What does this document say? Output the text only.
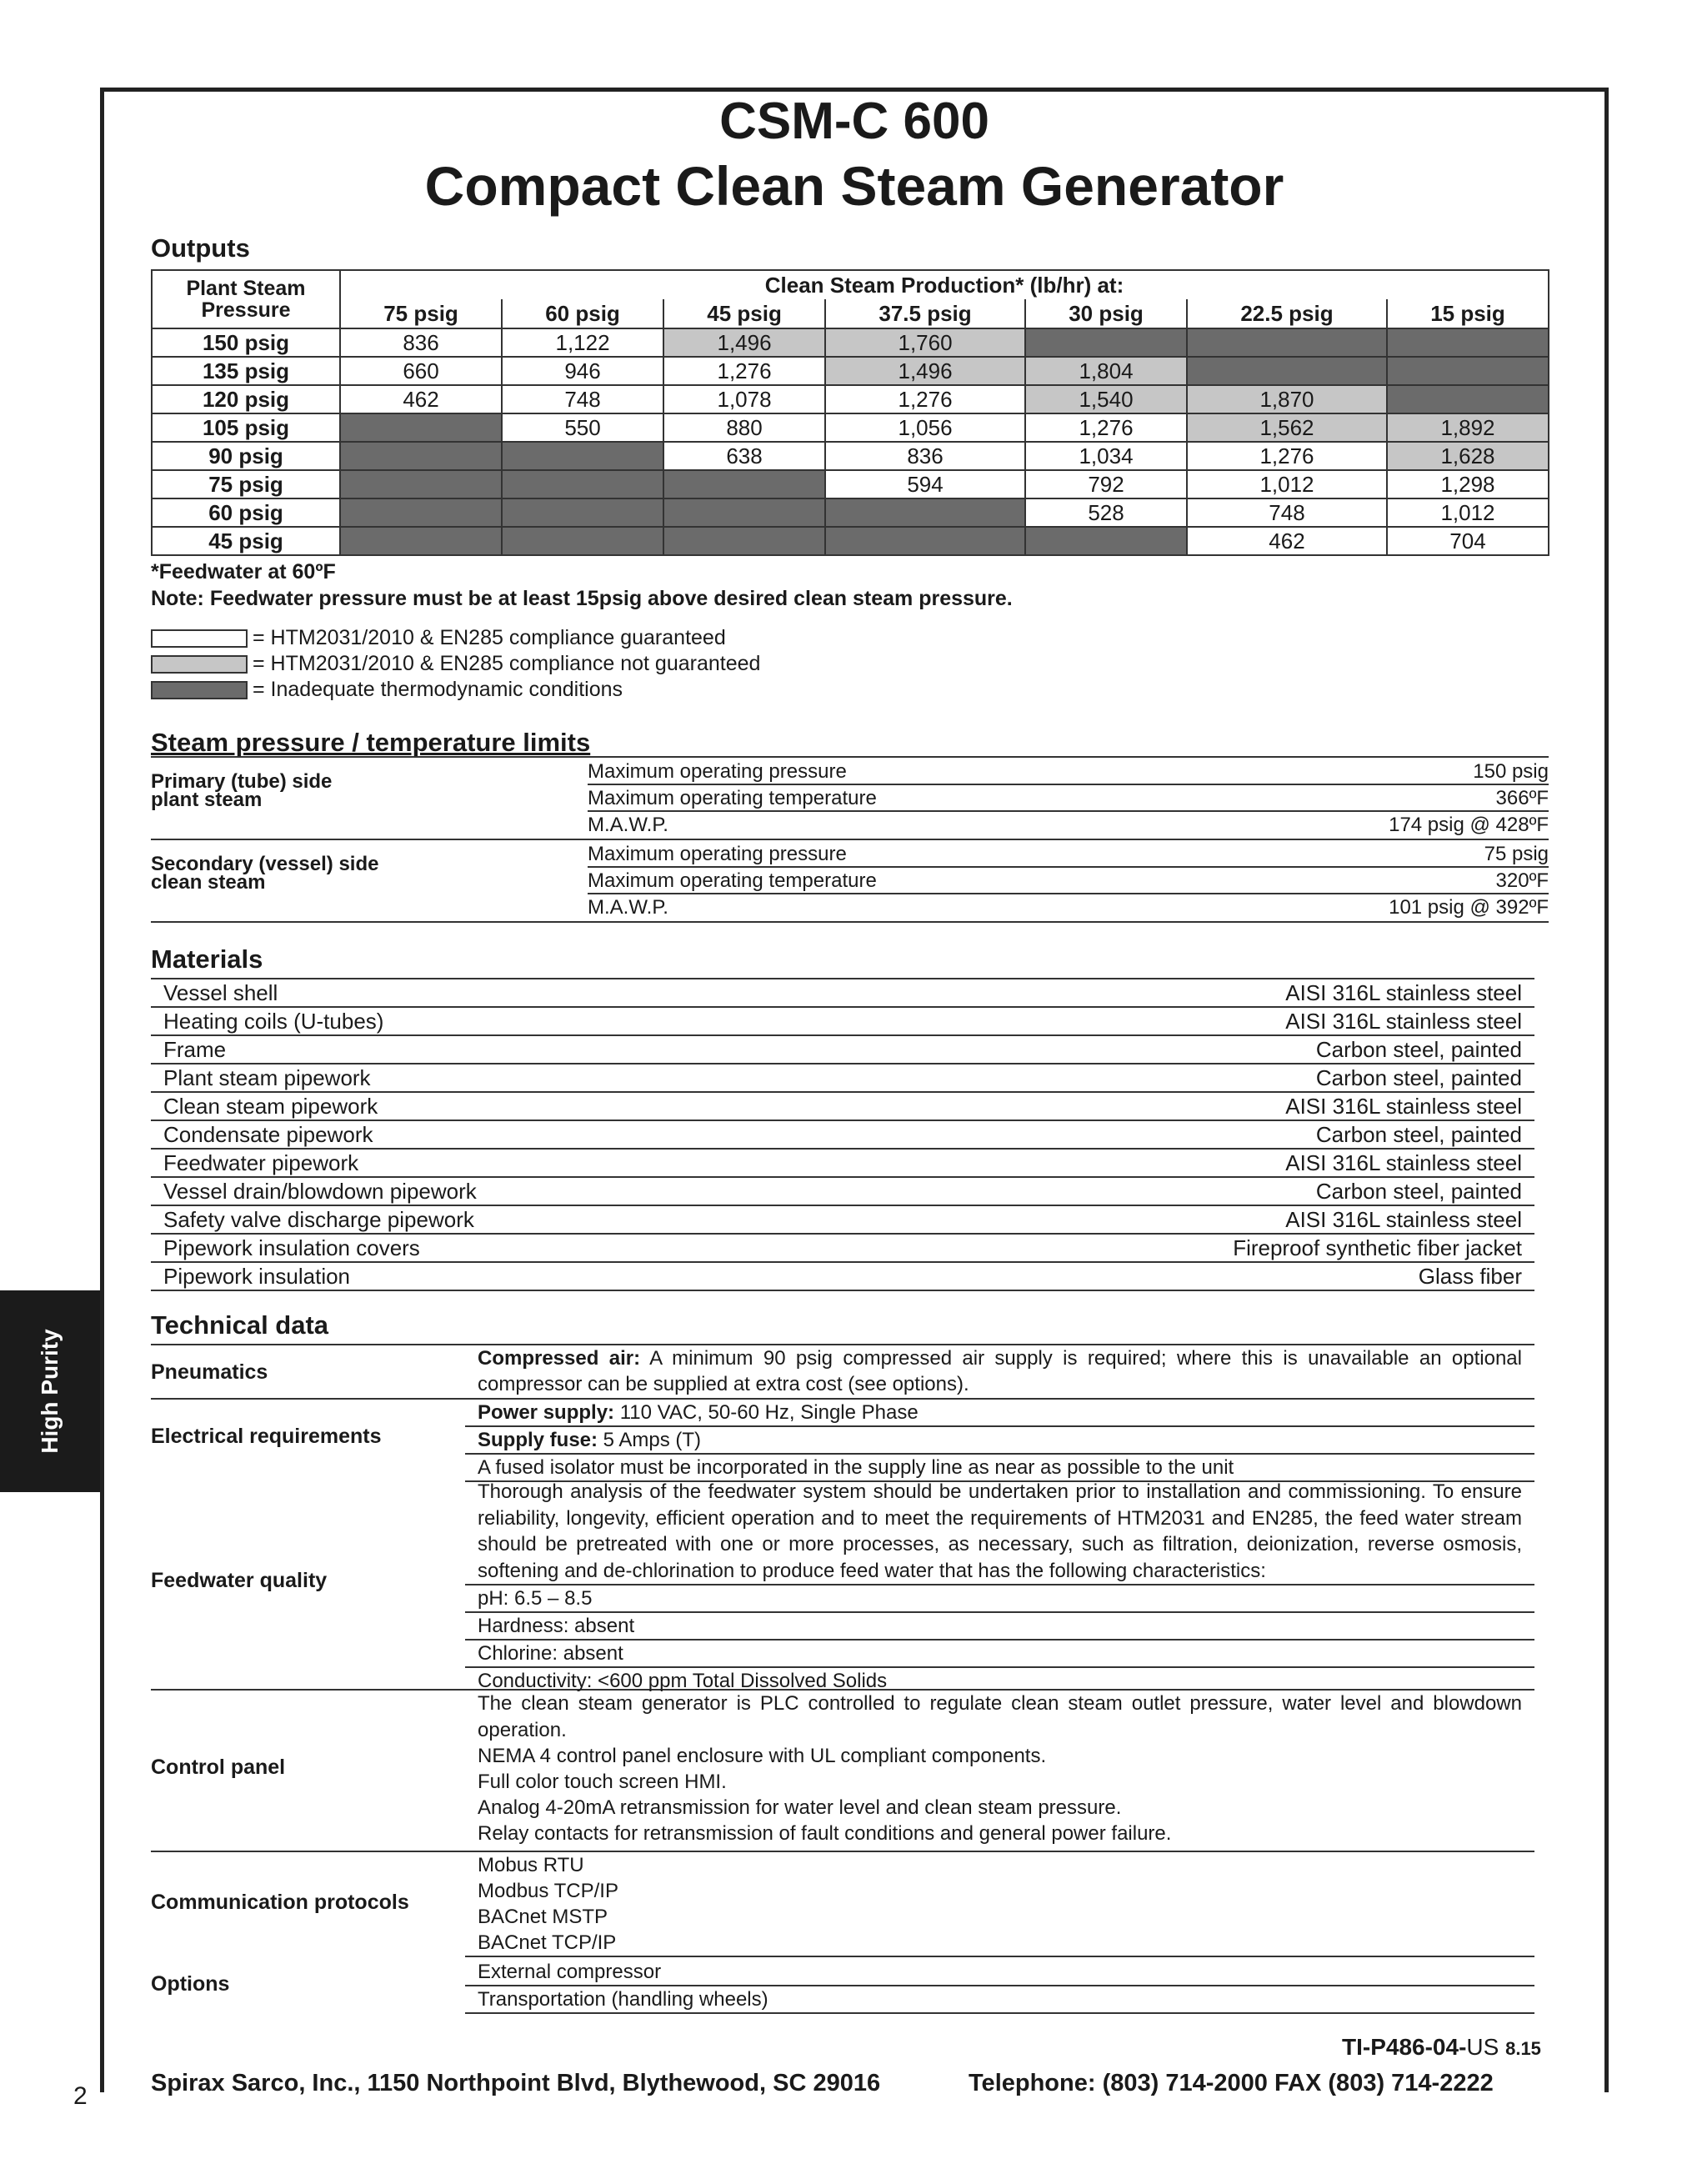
CSM-C 600
Compact Clean Steam Generator
Outputs
Plant Steam
Pressure	Clean Steam Production* (lb/hr) at:						
	75 psig	60 psig	45 psig	37.5 psig	30 psig	22.5 psig	15 psig
150 psig	836	1,122	1,496	1,760			
135 psig	660	946	1,276	1,496	1,804		
120 psig	462	748	1,078	1,276	1,540	1,870	
105 psig		550	880	1,056	1,276	1,562	1,892
90 psig			638	836	1,034	1,276	1,628
75 psig				594	792	1,012	1,298
60 psig					528	748	1,012
45 psig						462	704
*Feedwater at 60ºF
Note: Feedwater pressure must be at least 15psig above desired clean steam pressure.
= HTM2031/2010 & EN285 compliance guaranteed
= HTM2031/2010 & EN285 compliance not guaranteed
= Inadequate thermodynamic conditions
Steam pressure / temperature limits
Primary (tube) side
plant steam
Maximum operating pressure	150 psig
Maximum operating temperature	366ºF
M.A.W.P.	174 psig @ 428ºF
Secondary (vessel) side
clean steam
Maximum operating pressure	75 psig
Maximum operating temperature	320ºF
M.A.W.P.	101 psig @ 392ºF
Materials
Vessel shell	AISI 316L stainless steel
Heating coils (U-tubes)	AISI 316L stainless steel
Frame	Carbon steel, painted
Plant steam pipework	Carbon steel, painted
Clean steam pipework	AISI 316L stainless steel
Condensate pipework	Carbon steel, painted
Feedwater pipework	AISI 316L stainless steel
Vessel drain/blowdown pipework	Carbon steel, painted
Safety valve discharge pipework	AISI 316L stainless steel
Pipework insulation covers	Fireproof synthetic fiber jacket
Pipework insulation	Glass fiber
Technical data
Pneumatics
Compressed air: A minimum 90 psig compressed air supply is required; where this is unavailable an optional compressor can be supplied at extra cost (see options).
Electrical requirements
Power supply: 110 VAC, 50-60 Hz, Single Phase
Supply fuse: 5 Amps (T)
A fused isolator must be incorporated in the supply line as near as possible to the unit
Feedwater quality
Thorough analysis of the feedwater system should be undertaken prior to installation and commissioning. To ensure reliability, longevity, efficient operation and to meet the requirements of HTM2031 and EN285, the feed water stream should be pretreated with one or more processes, as necessary, such as filtration, deionization, reverse osmosis, softening and de-chlorination to produce feed water that has the following characteristics:
pH: 6.5 – 8.5
Hardness: absent
Chlorine: absent
Conductivity: <600 ppm Total Dissolved Solids
Control panel
The clean steam generator is PLC controlled to regulate clean steam outlet pressure, water level and blowdown operation.
NEMA 4 control panel enclosure with UL compliant components.
Full color touch screen HMI.
Analog 4-20mA retransmission for water level and clean steam pressure.
Relay contacts for retransmission of fault conditions and general power failure.
Communication protocols
Mobus RTU
Modbus TCP/IP
BACnet MSTP
BACnet TCP/IP
Options
External compressor
Transportation (handling wheels)
High Purity
TI-P486-04-US 8.15
Spirax Sarco, Inc., 1150 Northpoint Blvd, Blythewood, SC 29016	Telephone: (803) 714-2000 FAX (803) 714-2222
2
